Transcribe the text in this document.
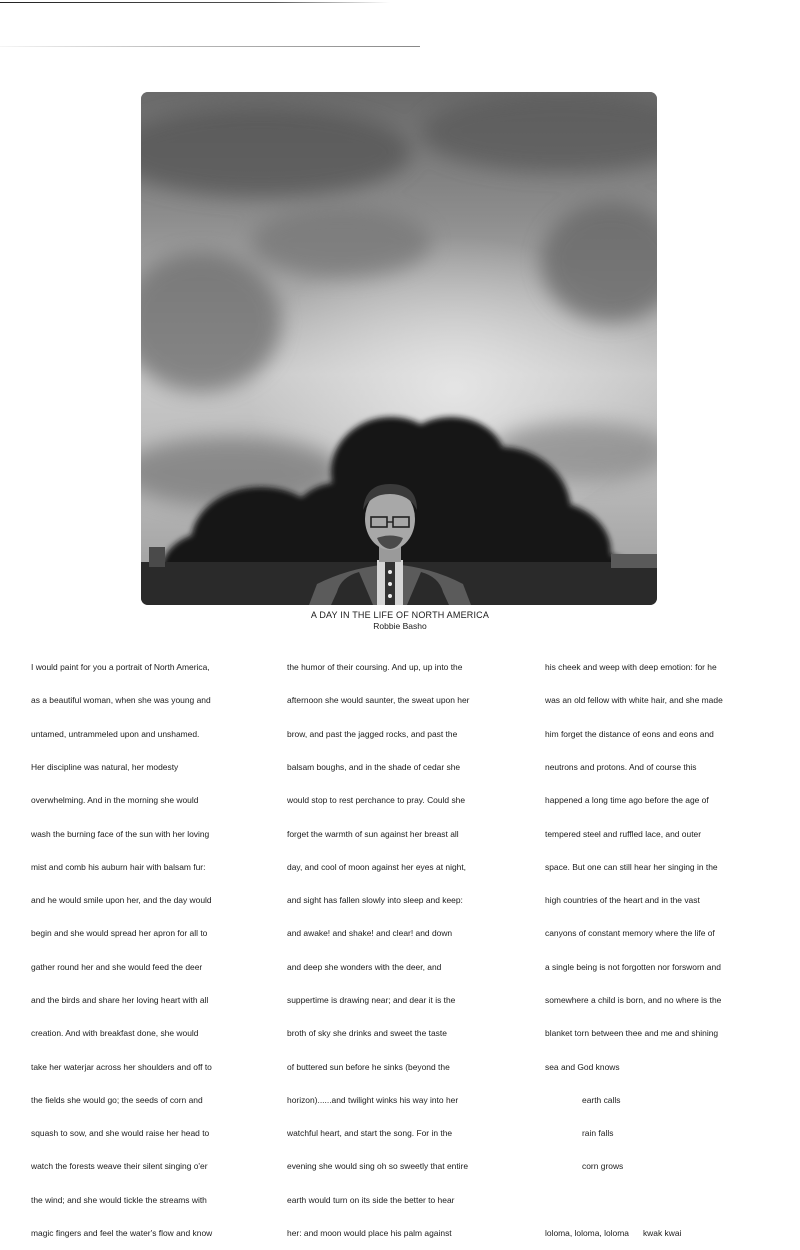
A DAY IN THE LIFE OF NORTH AMERICA
Robbie Basho

I would paint for you a portrait of North America,

as a beautiful woman, when she was young and

untamed, untrammeled upon and unshamed.

Her discipline was natural, her modesty

overwhelming. And in the morning she would

wash the burning face of the sun with her loving

mist and comb his auburn hair with balsam fur:

and he would smile upon her, and the day would

begin and she would spread her apron for all to

gather round her and she would feed the deer

and the birds and share her loving heart with all

creation. And with breakfast done, she would

take her waterjar across her shoulders and off to

the fields she would go; the seeds of corn and

squash to sow, and she would raise her head to

watch the forests weave their silent singing o'er

the wind; and she would tickle the streams with

magic fingers and feel the water's flow and know

the humor of their coursing. And up, up into the

afternoon she would saunter, the sweat upon her

brow, and past the jagged rocks, and past the

balsam boughs, and in the shade of cedar she

would stop to rest perchance to pray. Could she

forget the warmth of sun against her breast all

day, and cool of moon against her eyes at night,

and sight has fallen slowly into sleep and keep:

and awake! and shake! and clear! and down

and deep she wonders with the deer, and

suppertime is drawing near; and dear it is the

broth of sky she drinks and sweet the taste

of buttered sun before he sinks (beyond the

horizon)......and twilight winks his way into her

watchful heart, and start the song. For in the

evening she would sing oh so sweetly that entire

earth would turn on its side the better to hear

her: and moon would place his palm against

his cheek and weep with deep emotion: for he

was an old fellow with white hair, and she made

him forget the distance of eons and eons and

neutrons and protons. And of course this

happened a long time ago before the age of

tempered steel and ruffled lace, and outer

space. But one can still hear her singing in the

high countries of the heart and in the vast

canyons of constant memory where the life of

a single being is not forgotten nor forsworn and

somewhere a child is born, and no where is the

blanket torn between thee and me and shining

sea and God knows

earth calls

rain falls

corn grows

loloma, loloma, loloma kwak kwai
